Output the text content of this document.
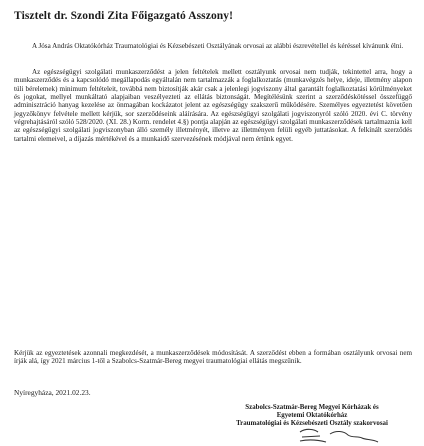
Tisztelt dr. Szondi Zita Főigazgató Asszony!
A Jósa András Oktatókórház Traumatológiai és Kézsebészeti Osztályának orvosai az alábbi észrevétellel és kéréssel kívánunk élni.
Az egészségügyi szolgálati munkaszerződést a jelen feltételek mellett osztályunk orvosai nem tudják, tekintettel arra, hogy a munkaszerződés és a kapcsolódó megállapodás egyáltalán nem tartalmazzák a foglalkoztatás (munkavégzés helye, ideje, illetmény alapon túli bérelemek) minimum feltételeit, továbbá nem biztosítják akár csak a jelenlegi jogviszony által garantált foglalkoztatási körülményeket és jogokat, mellyel munkáltató alapjaiban veszélyezteti az ellátás biztonságát. Megítélésünk szerint a szerződéskötéssel összefüggő adminisztráció hanyag kezelése az önmagában kockázatot jelent az egészségügy szakszerű működésére. Személyes egyeztetést követően jegyzőkönyv felvétele mellett kérjük, sor szerződéseink aláírására. Az egészségügyi szolgálati jogviszonyról szóló 2020. évi C. törvény végrehajtásáról szóló 528/2020. (XI. 28.) Korm. rendelet 4.§) pontja alapján az egészségügyi szolgálati munkaszerződések tartalmaznia kell az egészségügyi szolgálati jogviszonyban álló személy illetményét, illetve az illetményen felüli egyéb juttatásokat. A felkínált szerződés tartalmi elemeivel, a díjazás mértékével és a munkaidő szervezésének módjával nem értünk egyet.
Kérjük az egyeztetések azonnali megkezdését, a munkaszerződések módosítását. A szerződést ebben a formában osztályunk orvosai nem írják alá, így 2021 március 1-től a Szabolcs-Szatmár-Bereg megyei traumatológiai ellátás megszűnik.
Nyíregyháza, 2021.02.23.
Szabolcs-Szatmár-Bereg Megyei Kórházak és Egyetemi Oktatókórház
Traumatológiai és Kézsebészeti Osztály szakorvosai
